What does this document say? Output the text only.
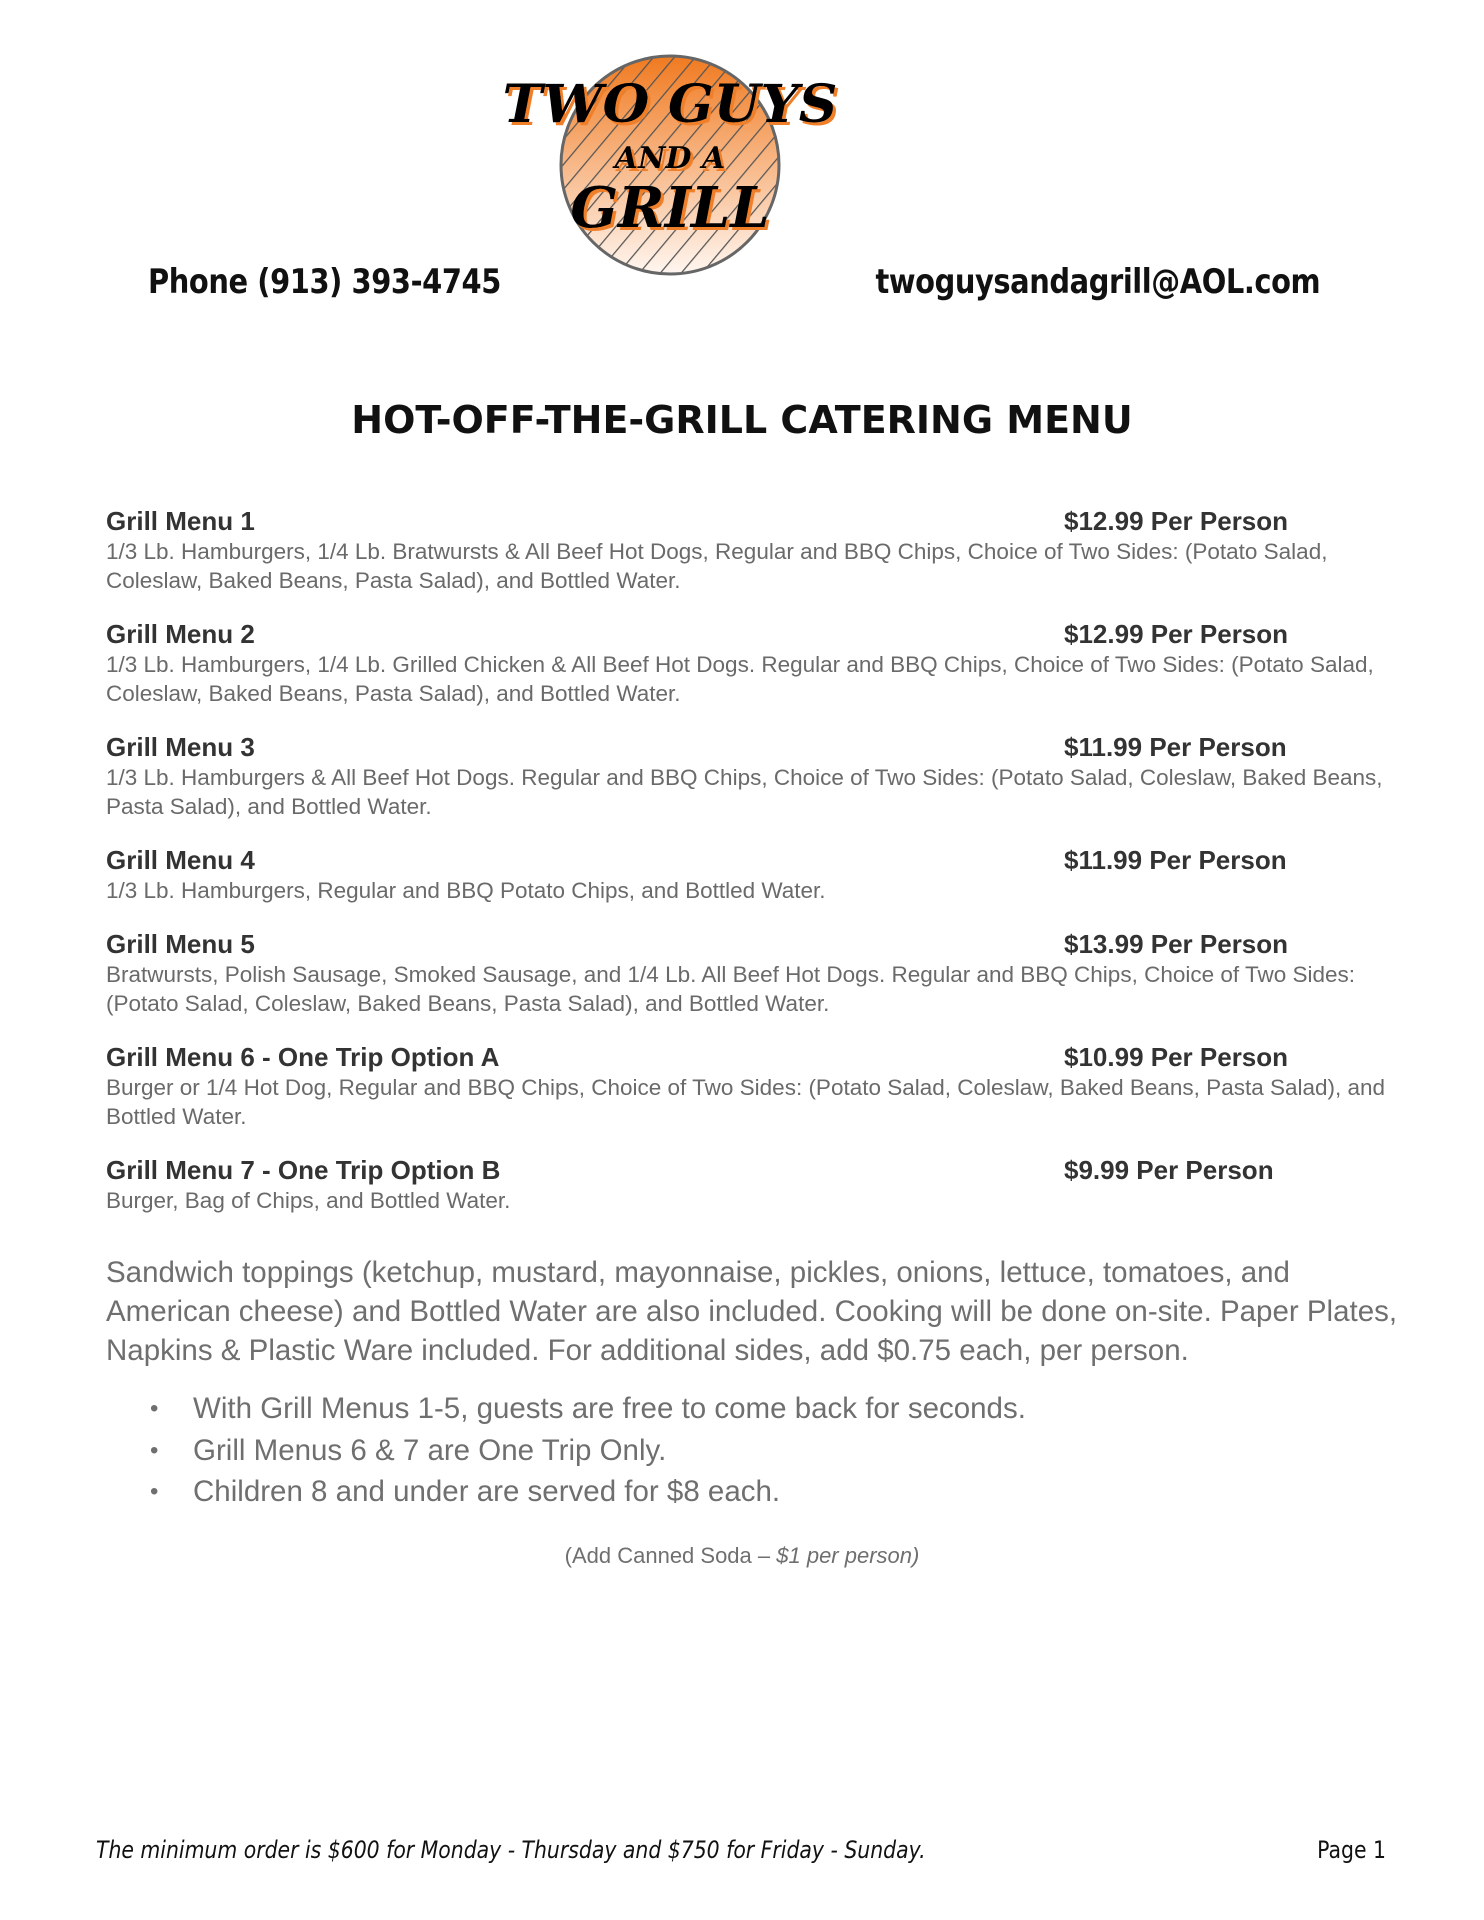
TWO GUYS
AND A
GRILL
Phone (913) 393-4745	twoguysandagrill@AOL.com
HOT-OFF-THE-GRILL CATERING MENU
Grill Menu 1	$12.99 Per Person
1/3 Lb. Hamburgers, 1/4 Lb. Bratwursts & All Beef Hot Dogs, Regular and BBQ Chips, Choice of Two Sides: (Potato Salad, Coleslaw, Baked Beans, Pasta Salad), and Bottled Water.
Grill Menu 2	$12.99 Per Person
1/3 Lb. Hamburgers, 1/4 Lb. Grilled Chicken & All Beef Hot Dogs. Regular and BBQ Chips, Choice of Two Sides: (Potato Salad, Coleslaw, Baked Beans, Pasta Salad), and Bottled Water.
Grill Menu 3	$11.99 Per Person
1/3 Lb. Hamburgers & All Beef Hot Dogs. Regular and BBQ Chips, Choice of Two Sides: (Potato Salad, Coleslaw, Baked Beans, Pasta Salad), and Bottled Water.
Grill Menu 4	$11.99 Per Person
1/3 Lb. Hamburgers, Regular and BBQ Potato Chips, and Bottled Water.
Grill Menu 5	$13.99 Per Person
Bratwursts, Polish Sausage, Smoked Sausage, and 1/4 Lb. All Beef Hot Dogs. Regular and BBQ Chips, Choice of Two Sides: (Potato Salad, Coleslaw, Baked Beans, Pasta Salad), and Bottled Water.
Grill Menu 6 - One Trip Option A	$10.99 Per Person
Burger or 1/4 Hot Dog, Regular and BBQ Chips, Choice of Two Sides: (Potato Salad, Coleslaw, Baked Beans, Pasta Salad), and Bottled Water.
Grill Menu 7 - One Trip Option B	$9.99 Per Person
Burger, Bag of Chips, and Bottled Water.
Sandwich toppings (ketchup, mustard, mayonnaise, pickles, onions, lettuce, tomatoes, and American cheese) and Bottled Water are also included. Cooking will be done on-site. Paper Plates, Napkins & Plastic Ware included. For additional sides, add $0.75 each, per person.
• With Grill Menus 1-5, guests are free to come back for seconds.
• Grill Menus 6 & 7 are One Trip Only.
• Children 8 and under are served for $8 each.
(Add Canned Soda – $1 per person)
The minimum order is $600 for Monday - Thursday and $750 for Friday - Sunday.	Page 1
